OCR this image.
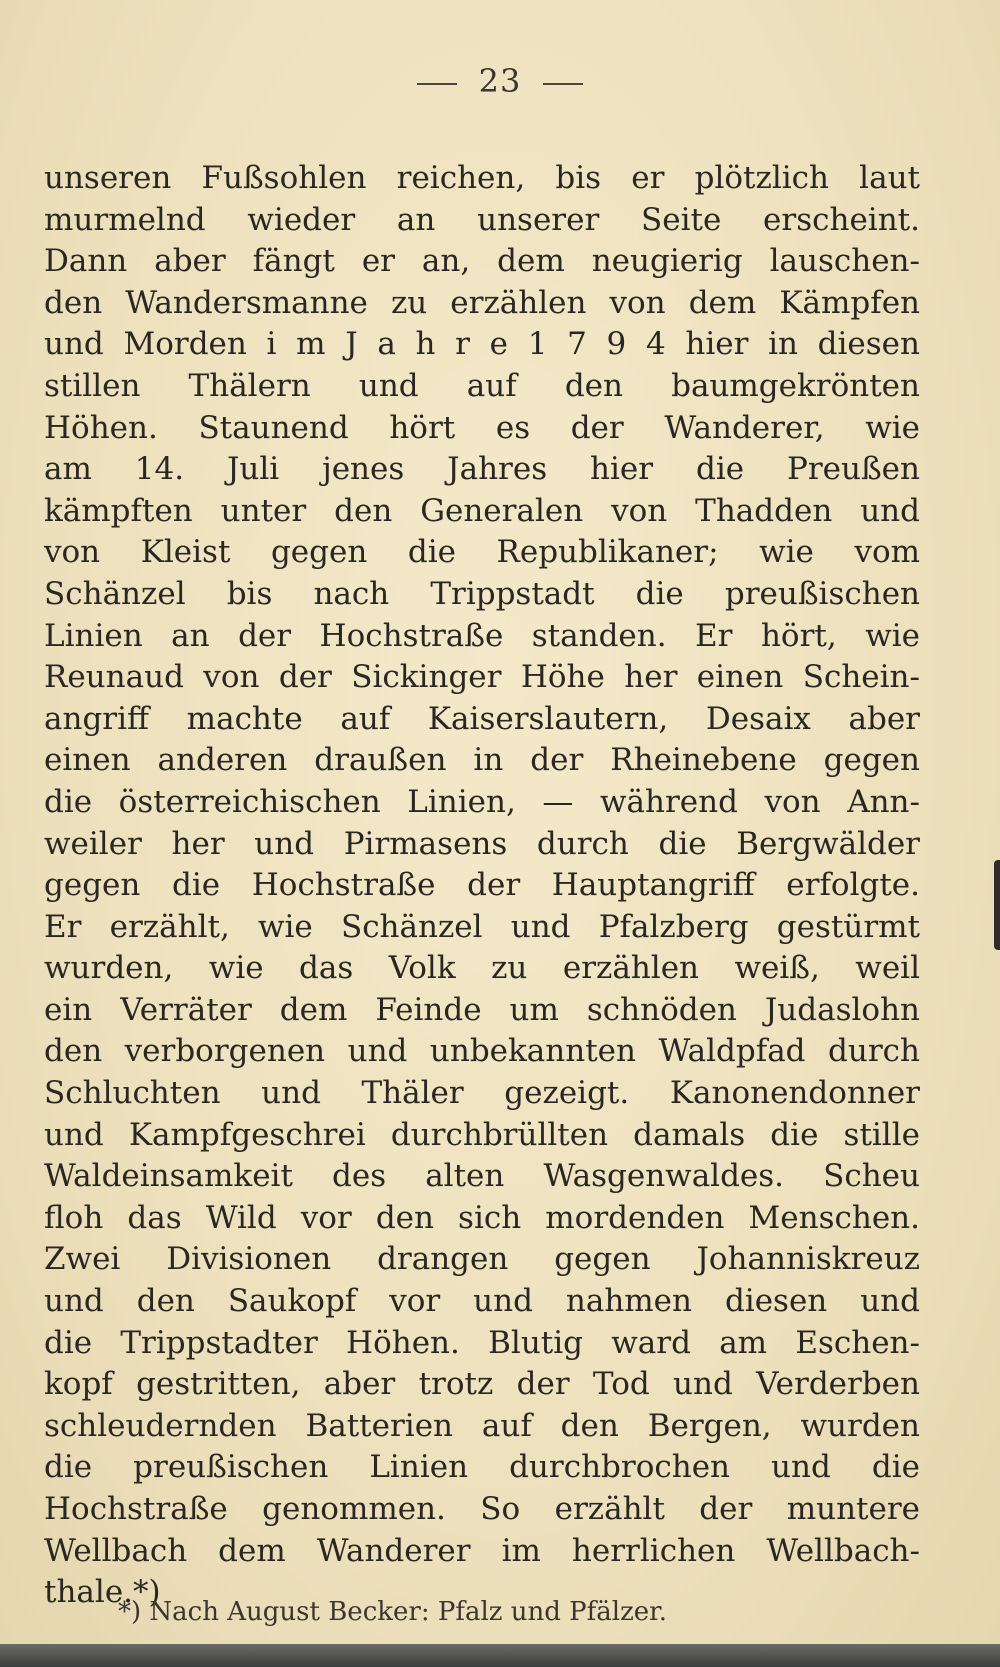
23
unseren Fußsohlen reichen, bis er plötzlich laut
murmelnd wieder an unserer Seite erscheint.
Dann aber fängt er an, dem neugierig lauschen-
den Wandersmanne zu erzählen von dem Kämpfen
und Morden i m J a h r e 1 7 9 4 hier in diesen
stillen Thälern und auf den baumgekrönten
Höhen. Staunend hört es der Wanderer, wie
am 14. Juli jenes Jahres hier die Preußen
kämpften unter den Generalen von Thadden und
von Kleist gegen die Republikaner; wie vom
Schänzel bis nach Trippstadt die preußischen
Linien an der Hochstraße standen. Er hört, wie
Reunaud von der Sickinger Höhe her einen Schein-
angriff machte auf Kaiserslautern, Desaix aber
einen anderen draußen in der Rheinebene gegen
die österreichischen Linien, — während von Ann-
weiler her und Pirmasens durch die Bergwälder
gegen die Hochstraße der Hauptangriff erfolgte.
Er erzählt, wie Schänzel und Pfalzberg gestürmt
wurden, wie das Volk zu erzählen weiß, weil
ein Verräter dem Feinde um schnöden Judaslohn
den verborgenen und unbekannten Waldpfad durch
Schluchten und Thäler gezeigt. Kanonendonner
und Kampfgeschrei durchbrüllten damals die stille
Waldeinsamkeit des alten Wasgenwaldes. Scheu
floh das Wild vor den sich mordenden Menschen.
Zwei Divisionen drangen gegen Johanniskreuz
und den Saukopf vor und nahmen diesen und
die Trippstadter Höhen. Blutig ward am Eschen-
kopf gestritten, aber trotz der Tod und Verderben
schleudernden Batterien auf den Bergen, wurden
die preußischen Linien durchbrochen und die
Hochstraße genommen. So erzählt der muntere
Wellbach dem Wanderer im herrlichen Wellbach-
thale.*)
*) Nach August Becker: Pfalz und Pfälzer.
